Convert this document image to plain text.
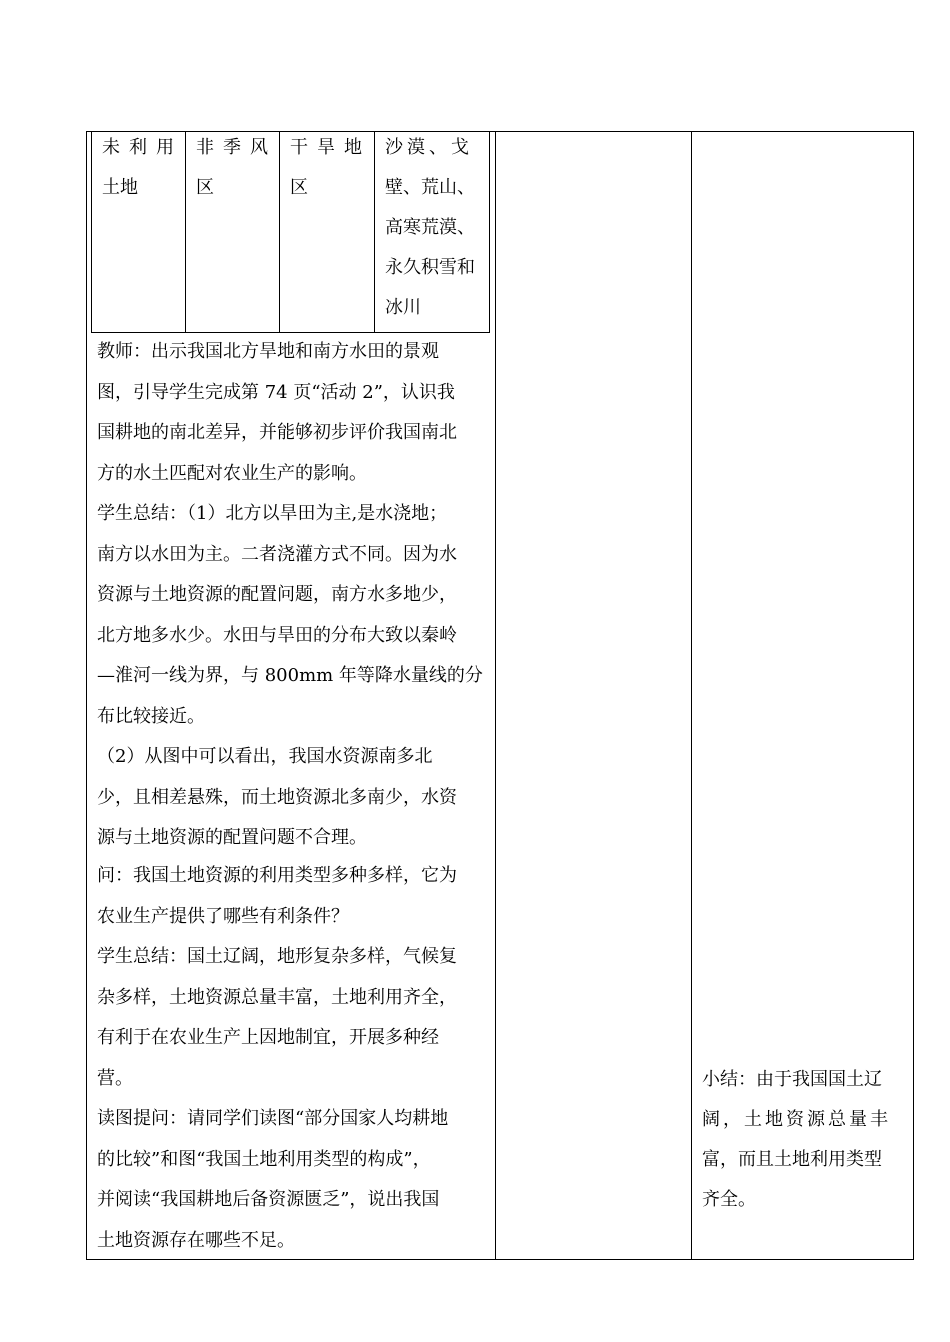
未利用
土地
非季风
区
干旱地
区
沙漠、戈
壁、荒山、
高寒荒漠、
永久积雪和
冰川

教师：出示我国北方旱地和南方水田的景观

图，引导学生完成第 74 页“活动 2”，认识我

国耕地的南北差异，并能够初步评价我国南北

方的水土匹配对农业生产的影响。

学生总结：（1）北方以旱田为主,是水浇地；

南方以水田为主。二者浇灌方式不同。因为水

资源与土地资源的配置问题，南方水多地少，

北方地多水少。水田与旱田的分布大致以秦岭

—淮河一线为界，与 800mm 年等降水量线的分

布比较接近。

（2）从图中可以看出，我国水资源南多北

少，且相差悬殊，而土地资源北多南少，水资

源与土地资源的配置问题不合理。

问：我国土地资源的利用类型多种多样，它为

农业生产提供了哪些有利条件？

学生总结：国土辽阔，地形复杂多样，气候复

杂多样，土地资源总量丰富，土地利用齐全，

有利于在农业生产上因地制宜，开展多种经

营。

读图提问：请同学们读图“部分国家人均耕地

的比较”和图“我国土地利用类型的构成”，

并阅读“我国耕地后备资源匮乏”，说出我国

土地资源存在哪些不足。

小结：由于我国国土辽
阔，土地资源总量丰
富，而且土地利用类型
齐全。
